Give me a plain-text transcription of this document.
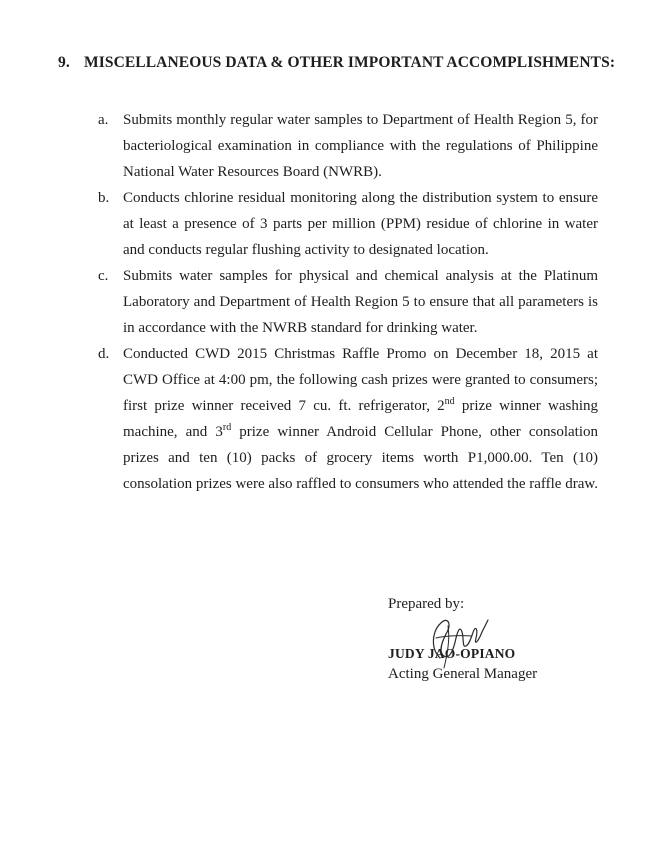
9. MISCELLANEOUS DATA & OTHER IMPORTANT ACCOMPLISHMENTS:
a. Submits monthly regular water samples to Department of Health Region 5, for bacteriological examination in compliance with the regulations of Philippine National Water Resources Board (NWRB).
b. Conducts chlorine residual monitoring along the distribution system to ensure at least a presence of 3 parts per million (PPM) residue of chlorine in water and conducts regular flushing activity to designated location.
c. Submits water samples for physical and chemical analysis at the Platinum Laboratory and Department of Health Region 5 to ensure that all parameters is in accordance with the NWRB standard for drinking water.
d. Conducted CWD 2015 Christmas Raffle Promo on December 18, 2015 at CWD Office at 4:00 pm, the following cash prizes were granted to consumers; first prize winner received 7 cu. ft. refrigerator, 2nd prize winner washing machine, and 3rd prize winner Android Cellular Phone, other consolation prizes and ten (10) packs of grocery items worth P1,000.00. Ten (10) consolation prizes were also raffled to consumers who attended the raffle draw.
Prepared by:
JUDY JAO-OPIANO
Acting General Manager
